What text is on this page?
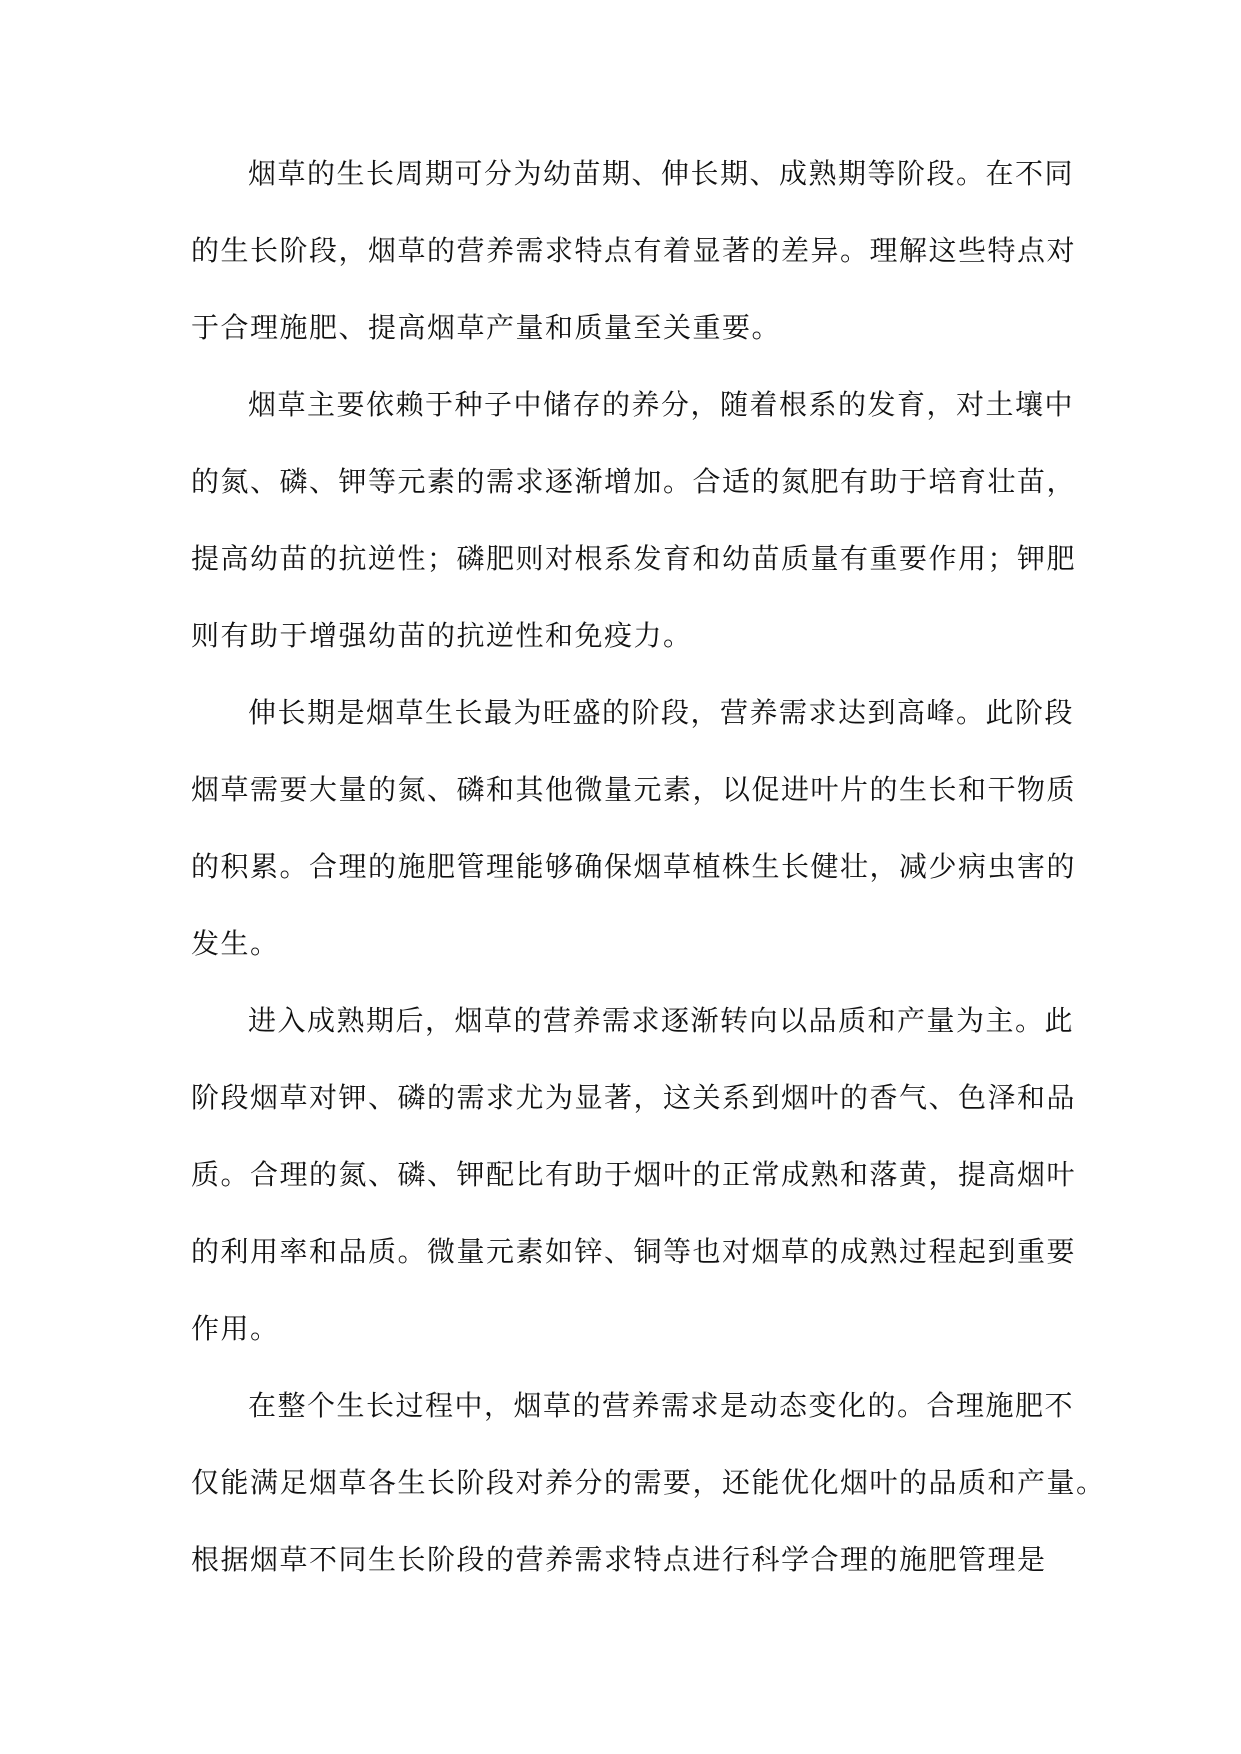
烟草的生长周期可分为幼苗期、伸长期、成熟期等阶段。在不同
的生长阶段，烟草的营养需求特点有着显著的差异。理解这些特点对
于合理施肥、提高烟草产量和质量至关重要。

烟草主要依赖于种子中储存的养分，随着根系的发育，对土壤中
的氮、磷、钾等元素的需求逐渐增加。合适的氮肥有助于培育壮苗，
提高幼苗的抗逆性；磷肥则对根系发育和幼苗质量有重要作用；钾肥
则有助于增强幼苗的抗逆性和免疫力。

伸长期是烟草生长最为旺盛的阶段，营养需求达到高峰。此阶段
烟草需要大量的氮、磷和其他微量元素，以促进叶片的生长和干物质
的积累。合理的施肥管理能够确保烟草植株生长健壮，减少病虫害的
发生。

进入成熟期后，烟草的营养需求逐渐转向以品质和产量为主。此
阶段烟草对钾、磷的需求尤为显著，这关系到烟叶的香气、色泽和品
质。合理的氮、磷、钾配比有助于烟叶的正常成熟和落黄，提高烟叶
的利用率和品质。微量元素如锌、铜等也对烟草的成熟过程起到重要
作用。

在整个生长过程中，烟草的营养需求是动态变化的。合理施肥不
仅能满足烟草各生长阶段对养分的需要，还能优化烟叶的品质和产量。
根据烟草不同生长阶段的营养需求特点进行科学合理的施肥管理是
